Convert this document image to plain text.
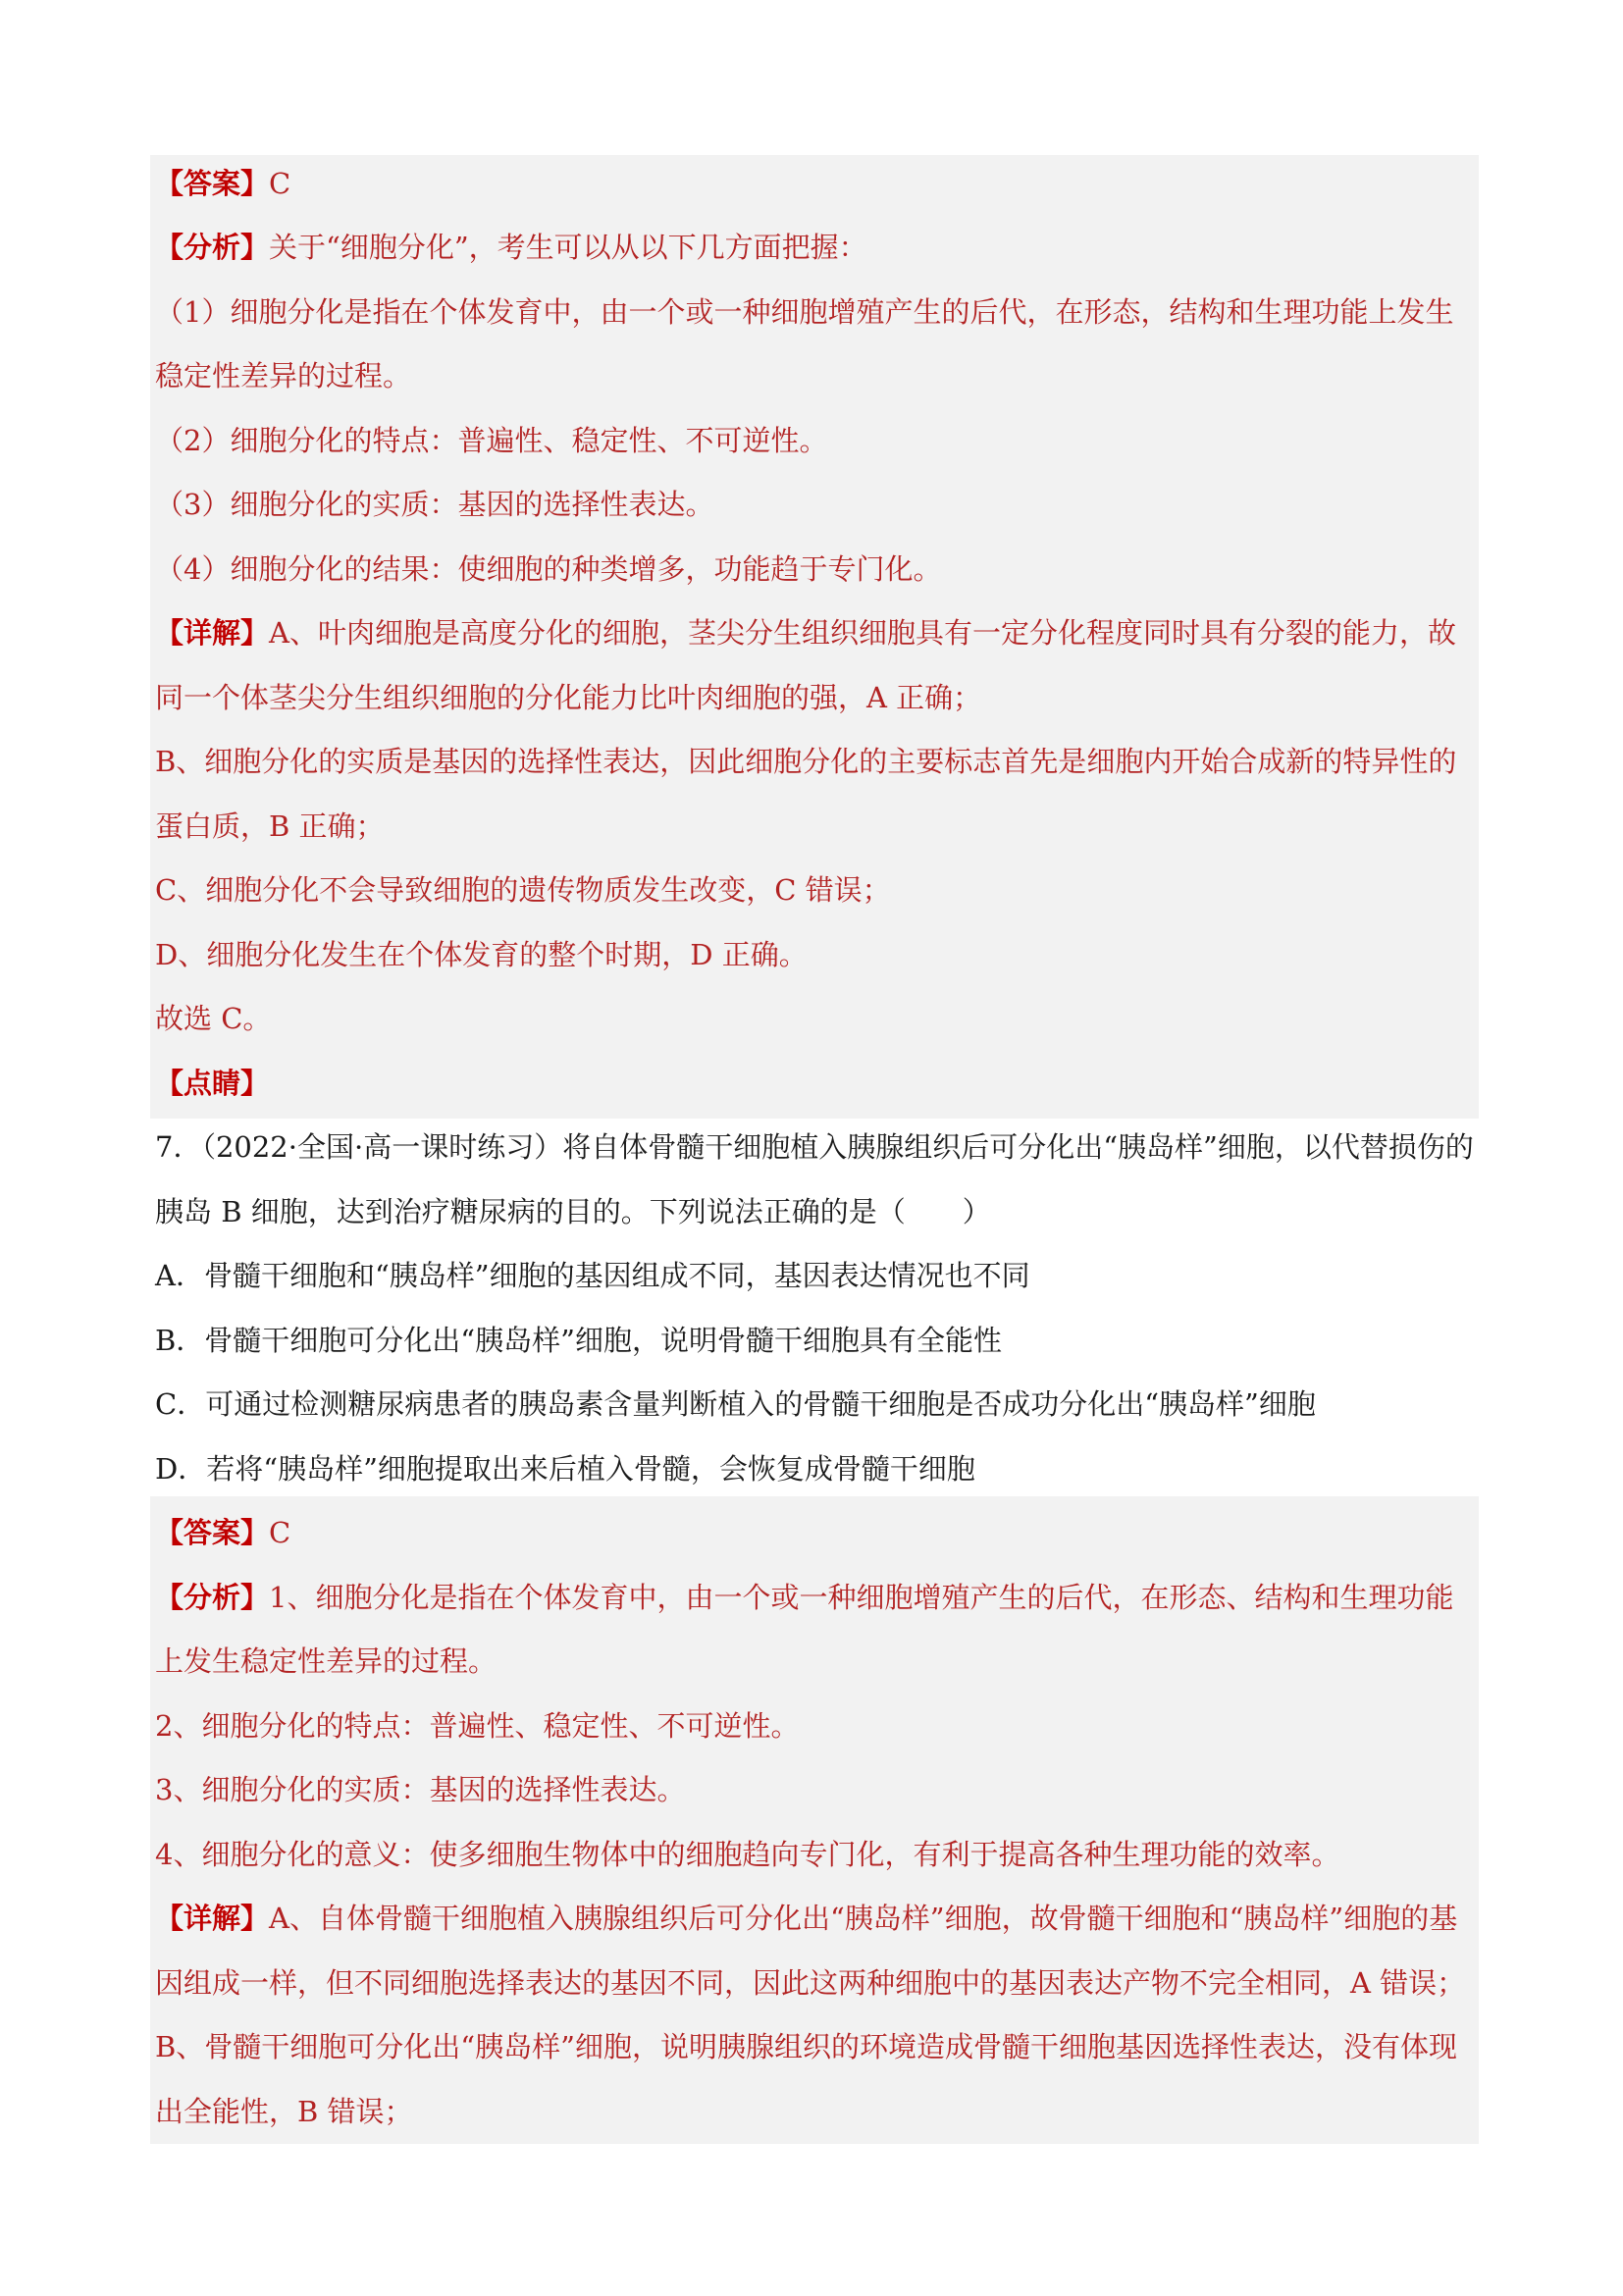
【答案】C
【分析】关于“细胞分化”，考生可以从以下几方面把握：
（1）细胞分化是指在个体发育中，由一个或一种细胞增殖产生的后代，在形态，结构和生理功能上发生
稳定性差异的过程。
（2）细胞分化的特点：普遍性、稳定性、不可逆性。
（3）细胞分化的实质：基因的选择性表达。
（4）细胞分化的结果：使细胞的种类增多，功能趋于专门化。
【详解】A、叶肉细胞是高度分化的细胞，茎尖分生组织细胞具有一定分化程度同时具有分裂的能力，故
同一个体茎尖分生组织细胞的分化能力比叶肉细胞的强，A 正确；
B、细胞分化的实质是基因的选择性表达，因此细胞分化的主要标志首先是细胞内开始合成新的特异性的
蛋白质，B 正确；
C、细胞分化不会导致细胞的遗传物质发生改变，C 错误；
D、细胞分化发生在个体发育的整个时期，D 正确。
故选 C。
【点睛】
7．（2022·全国·高一课时练习）将自体骨髓干细胞植入胰腺组织后可分化出“胰岛样”细胞，以代替损伤的
胰岛 B 细胞，达到治疗糖尿病的目的。下列说法正确的是（　　）
A．骨髓干细胞和“胰岛样”细胞的基因组成不同，基因表达情况也不同
B．骨髓干细胞可分化出“胰岛样”细胞，说明骨髓干细胞具有全能性
C．可通过检测糖尿病患者的胰岛素含量判断植入的骨髓干细胞是否成功分化出“胰岛样”细胞
D．若将“胰岛样”细胞提取出来后植入骨髓，会恢复成骨髓干细胞
【答案】C
【分析】1、细胞分化是指在个体发育中，由一个或一种细胞增殖产生的后代，在形态、结构和生理功能
上发生稳定性差异的过程。
2、细胞分化的特点：普遍性、稳定性、不可逆性。
3、细胞分化的实质：基因的选择性表达。
4、细胞分化的意义：使多细胞生物体中的细胞趋向专门化，有利于提高各种生理功能的效率。
【详解】A、自体骨髓干细胞植入胰腺组织后可分化出“胰岛样”细胞，故骨髓干细胞和“胰岛样”细胞的基
因组成一样，但不同细胞选择表达的基因不同，因此这两种细胞中的基因表达产物不完全相同，A 错误；
B、骨髓干细胞可分化出“胰岛样”细胞，说明胰腺组织的环境造成骨髓干细胞基因选择性表达，没有体现
出全能性，B 错误；
